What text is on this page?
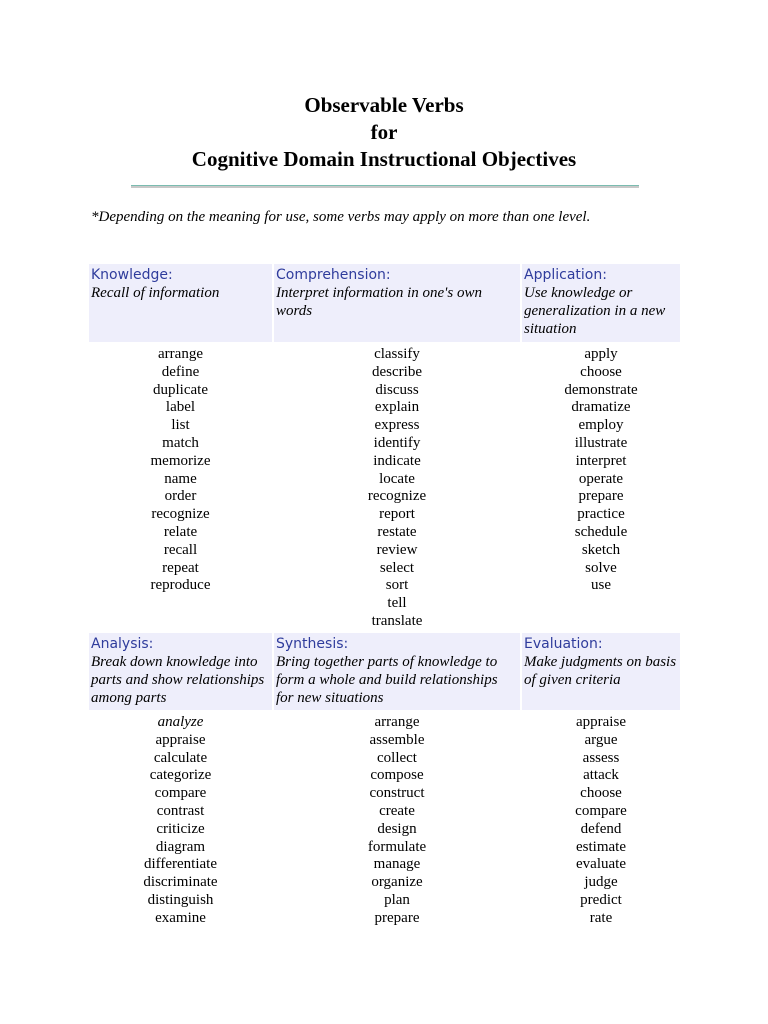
Observable Verbs
for
Cognitive Domain Instructional Objectives
*Depending on the meaning for use, some verbs may apply on more than one level.
Knowledge:
Recall of information
Comprehension:
Interpret information in one's own words
Application:
Use knowledge or generalization in a new situation
arrange
define
duplicate
label
list
match
memorize
name
order
recognize
relate
recall
repeat
reproduce
classify
describe
discuss
explain
express
identify
indicate
locate
recognize
report
restate
review
select
sort
tell
translate
apply
choose
demonstrate
dramatize
employ
illustrate
interpret
operate
prepare
practice
schedule
sketch
solve
use
Analysis:
Break down knowledge into parts and show relationships among parts
Synthesis:
Bring together parts of knowledge to form a whole and build relationships for new situations
Evaluation:
Make judgments on basis of given criteria
analyze
appraise
calculate
categorize
compare
contrast
criticize
diagram
differentiate
discriminate
distinguish
examine
arrange
assemble
collect
compose
construct
create
design
formulate
manage
organize
plan
prepare
appraise
argue
assess
attack
choose
compare
defend
estimate
evaluate
judge
predict
rate
